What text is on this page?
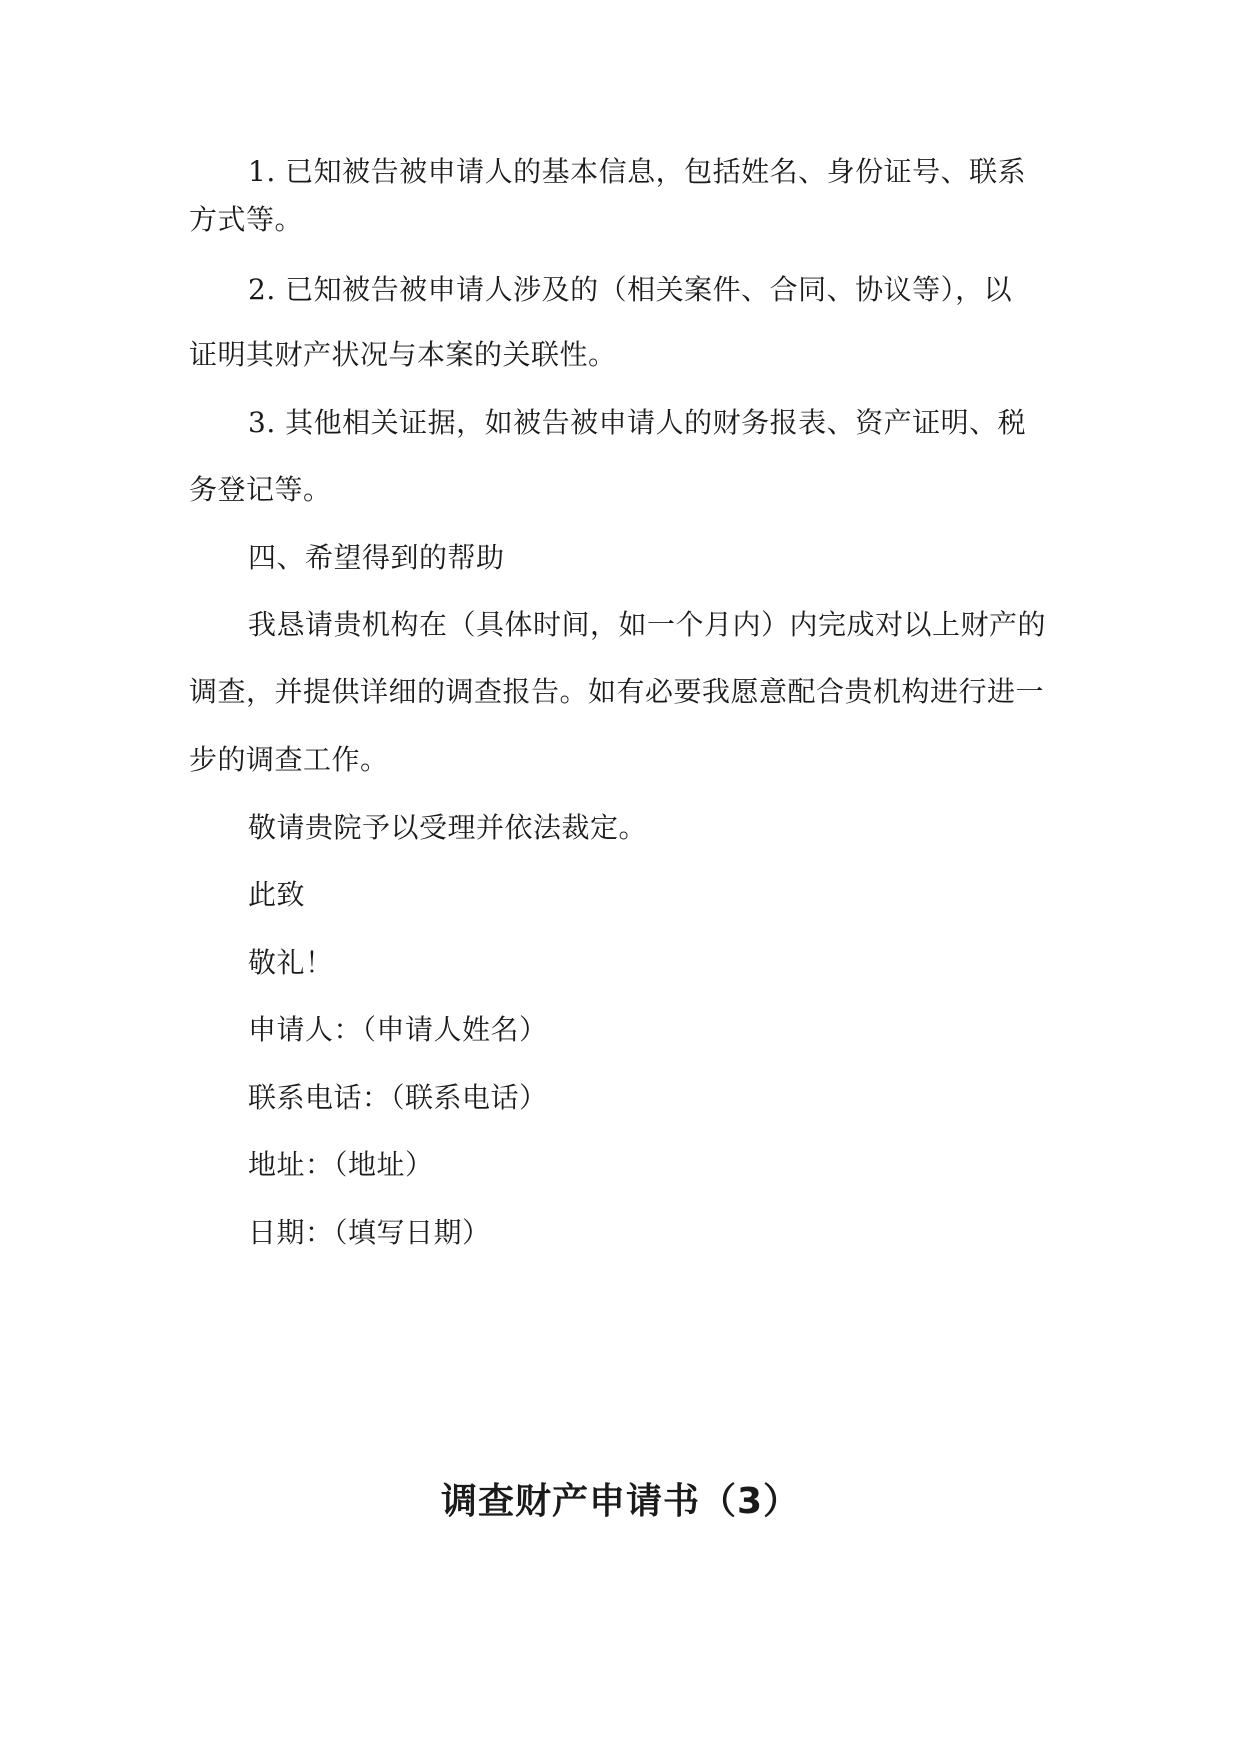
1. 已知被告被申请人的基本信息，包括姓名、身份证号、联系
方式等。
2. 已知被告被申请人涉及的（相关案件、合同、协议等），以
证明其财产状况与本案的关联性。
3. 其他相关证据，如被告被申请人的财务报表、资产证明、税
务登记等。
四、希望得到的帮助
我恳请贵机构在（具体时间，如一个月内）内完成对以上财产的
调查，并提供详细的调查报告。如有必要我愿意配合贵机构进行进一
步的调查工作。
敬请贵院予以受理并依法裁定。
此致
敬礼！
申请人：（申请人姓名）
联系电话：（联系电话）
地址：（地址）
日期：（填写日期）
调查财产申请书（3）
